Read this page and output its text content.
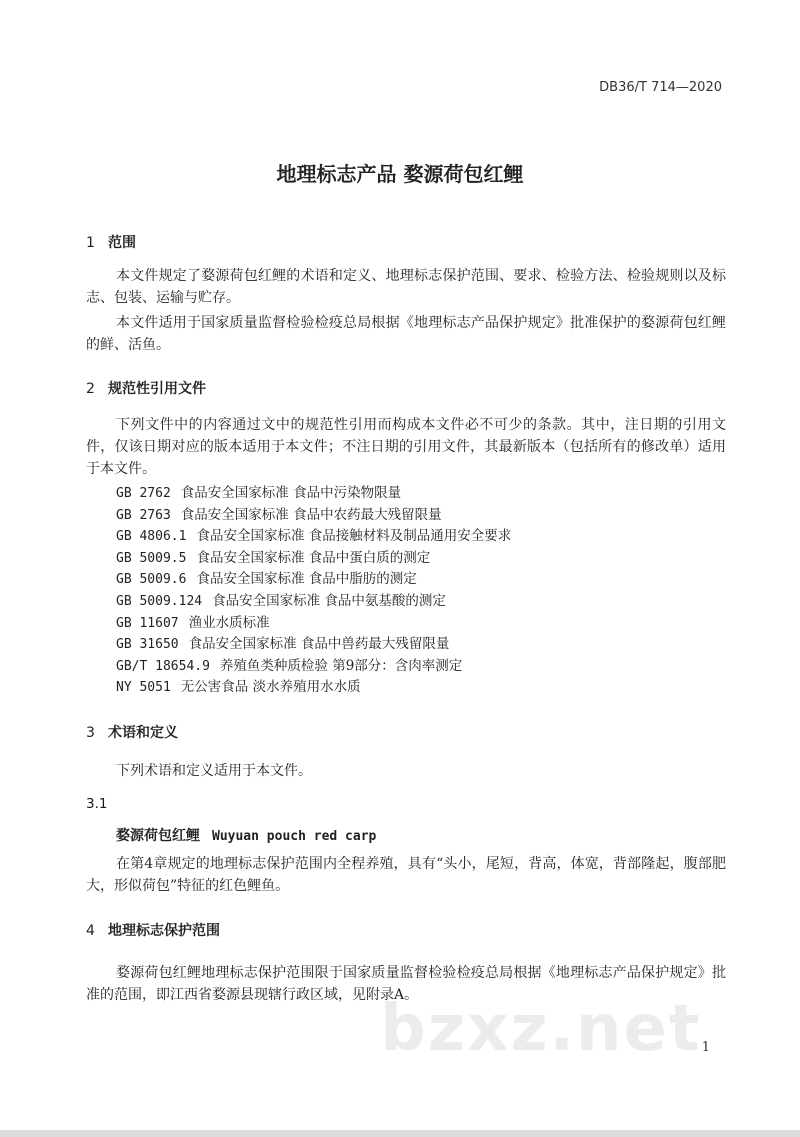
DB36/T 714—2020
地理标志产品 婺源荷包红鲤
1 范围
本文件规定了婺源荷包红鲤的术语和定义、地理标志保护范围、要求、检验方法、检验规则以及标志、包装、运输与贮存。
本文件适用于国家质量监督检验检疫总局根据《地理标志产品保护规定》批准保护的婺源荷包红鲤的鲜、活鱼。
2 规范性引用文件
下列文件中的内容通过文中的规范性引用而构成本文件必不可少的条款。其中，注日期的引用文件，仅该日期对应的版本适用于本文件；不注日期的引用文件，其最新版本（包括所有的修改单）适用于本文件。
GB 2762 食品安全国家标准 食品中污染物限量
GB 2763 食品安全国家标准 食品中农药最大残留限量
GB 4806.1 食品安全国家标准 食品接触材料及制品通用安全要求
GB 5009.5 食品安全国家标准 食品中蛋白质的测定
GB 5009.6 食品安全国家标准 食品中脂肪的测定
GB 5009.124 食品安全国家标准 食品中氨基酸的测定
GB 11607 渔业水质标准
GB 31650 食品安全国家标准 食品中兽药最大残留限量
GB/T 18654.9 养殖鱼类种质检验 第9部分：含肉率测定
NY 5051 无公害食品 淡水养殖用水水质
3 术语和定义
下列术语和定义适用于本文件。
3.1
婺源荷包红鲤 Wuyuan pouch red carp
在第4章规定的地理标志保护范围内全程养殖，具有“头小，尾短，背高，体宽，背部隆起，腹部肥大，形似荷包”特征的红色鲤鱼。
4 地理标志保护范围
婺源荷包红鲤地理标志保护范围限于国家质量监督检验检疫总局根据《地理标志产品保护规定》批准的范围，即江西省婺源县现辖行政区域，见附录A。
bzxz.net 1
